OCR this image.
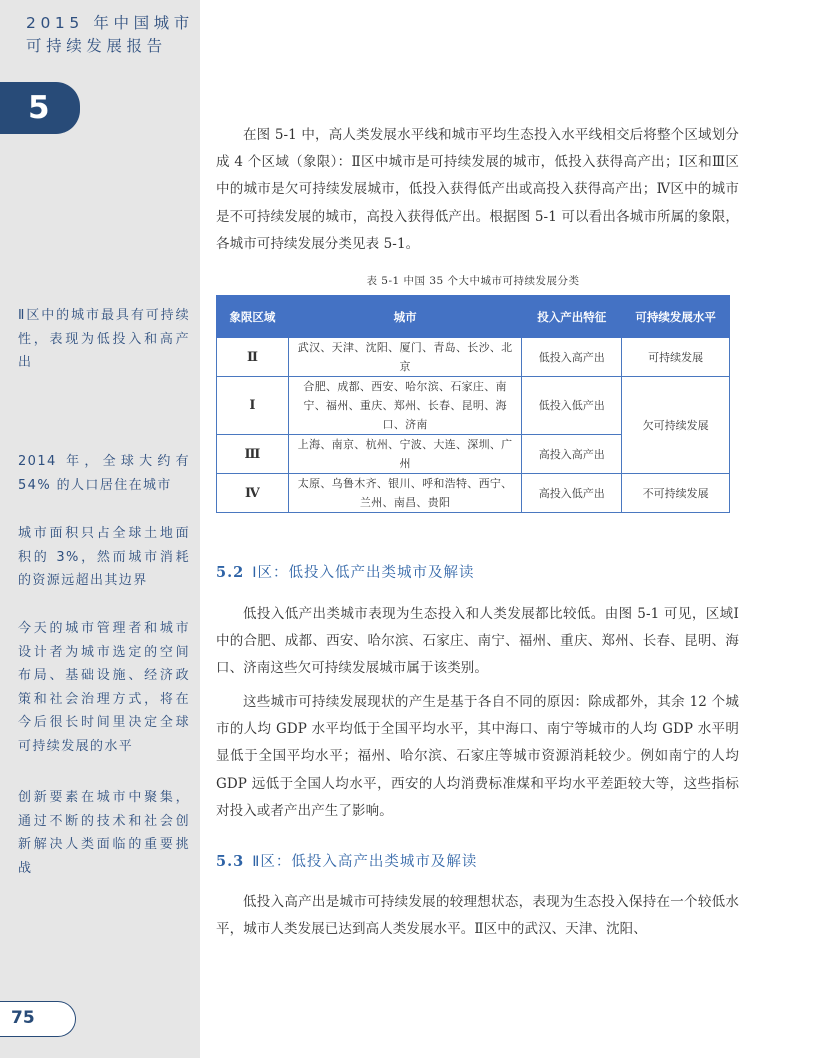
2015 年中国城市
可持续发展报告
5
Ⅱ区中的城市最具有可持续性，表现为低投入和高产出
2014 年，全球大约有 54% 的人口居住在城市
城市面积只占全球土地面积的 3%，然而城市消耗的资源远超出其边界
今天的城市管理者和城市设计者为城市选定的空间布局、基础设施、经济政策和社会治理方式，将在今后很长时间里决定全球可持续发展的水平
创新要素在城市中聚集，通过不断的技术和社会创新解决人类面临的重要挑战
75
在图 5-1 中，高人类发展水平线和城市平均生态投入水平线相交后将整个区域划分成 4 个区域（象限）：Ⅱ区中城市是可持续发展的城市，低投入获得高产出；Ⅰ区和Ⅲ区中的城市是欠可持续发展城市，低投入获得低产出或高投入获得高产出；Ⅳ区中的城市是不可持续发展的城市，高投入获得低产出。根据图 5-1 可以看出各城市所属的象限，各城市可持续发展分类见表 5-1。
表 5-1 中国 35 个大中城市可持续发展分类
象限区域	城市	投入产出特征	可持续发展水平
Ⅱ	武汉、天津、沈阳、厦门、青岛、长沙、北京	低投入高产出	可持续发展
Ⅰ	合肥、成都、西安、哈尔滨、石家庄、南宁、福州、重庆、郑州、长春、昆明、海口、济南	低投入低产出	欠可持续发展
Ⅲ	上海、南京、杭州、宁波、大连、深圳、广州	高投入高产出	
Ⅳ	太原、乌鲁木齐、银川、呼和浩特、西宁、兰州、南昌、贵阳	高投入低产出	不可持续发展
5.2 Ⅰ区：低投入低产出类城市及解读
低投入低产出类城市表现为生态投入和人类发展都比较低。由图 5-1 可见，区域Ⅰ中的合肥、成都、西安、哈尔滨、石家庄、南宁、福州、重庆、郑州、长春、昆明、海口、济南这些欠可持续发展城市属于该类别。
这些城市可持续发展现状的产生是基于各自不同的原因：除成都外，其余 12 个城市的人均 GDP 水平均低于全国平均水平，其中海口、南宁等城市的人均 GDP 水平明显低于全国平均水平；福州、哈尔滨、石家庄等城市资源消耗较少。例如南宁的人均 GDP 远低于全国人均水平，西安的人均消费标准煤和平均水平差距较大等，这些指标对投入或者产出产生了影响。
5.3 Ⅱ区：低投入高产出类城市及解读
低投入高产出是城市可持续发展的较理想状态，表现为生态投入保持在一个较低水平，城市人类发展已达到高人类发展水平。Ⅱ区中的武汉、天津、沈阳、
